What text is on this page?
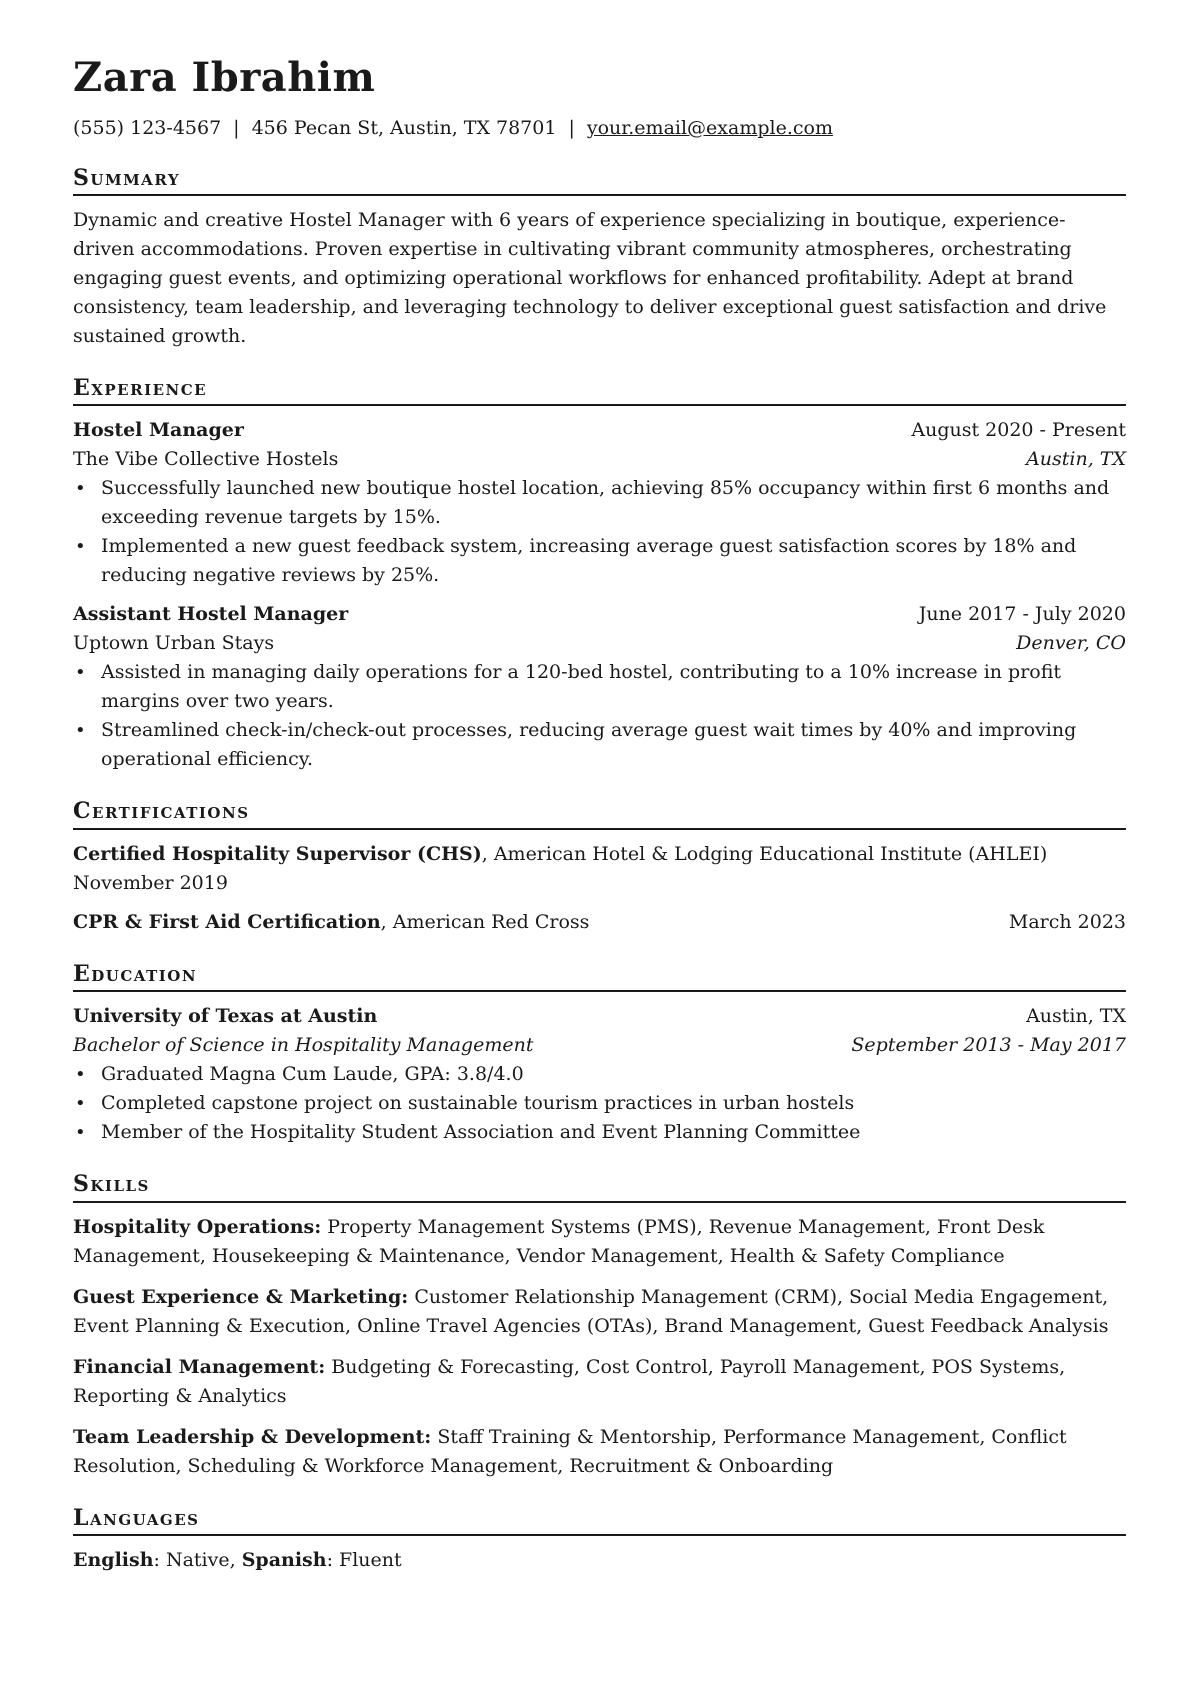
Zara Ibrahim
(555) 123-4567 | 456 Pecan St, Austin, TX 78701 | your.email@example.com
Summary
Dynamic and creative Hostel Manager with 6 years of experience specializing in boutique, experience-driven accommodations. Proven expertise in cultivating vibrant community atmospheres, orchestrating engaging guest events, and optimizing operational workflows for enhanced profitability. Adept at brand consistency, team leadership, and leveraging technology to deliver exceptional guest satisfaction and drive sustained growth.
Experience
Hostel Manager	August 2020 - Present
The Vibe Collective Hostels	Austin, TX
• Successfully launched new boutique hostel location, achieving 85% occupancy within first 6 months and exceeding revenue targets by 15%.
• Implemented a new guest feedback system, increasing average guest satisfaction scores by 18% and reducing negative reviews by 25%.
Assistant Hostel Manager	June 2017 - July 2020
Uptown Urban Stays	Denver, CO
• Assisted in managing daily operations for a 120-bed hostel, contributing to a 10% increase in profit margins over two years.
• Streamlined check-in/check-out processes, reducing average guest wait times by 40% and improving operational efficiency.
Certifications
Certified Hospitality Supervisor (CHS), American Hotel & Lodging Educational Institute (AHLEI)
November 2019
CPR & First Aid Certification, American Red Cross	March 2023
Education
University of Texas at Austin	Austin, TX
Bachelor of Science in Hospitality Management	September 2013 - May 2017
• Graduated Magna Cum Laude, GPA: 3.8/4.0
• Completed capstone project on sustainable tourism practices in urban hostels
• Member of the Hospitality Student Association and Event Planning Committee
Skills
Hospitality Operations: Property Management Systems (PMS), Revenue Management, Front Desk Management, Housekeeping & Maintenance, Vendor Management, Health & Safety Compliance
Guest Experience & Marketing: Customer Relationship Management (CRM), Social Media Engagement, Event Planning & Execution, Online Travel Agencies (OTAs), Brand Management, Guest Feedback Analysis
Financial Management: Budgeting & Forecasting, Cost Control, Payroll Management, POS Systems, Reporting & Analytics
Team Leadership & Development: Staff Training & Mentorship, Performance Management, Conflict Resolution, Scheduling & Workforce Management, Recruitment & Onboarding
Languages
English: Native, Spanish: Fluent
